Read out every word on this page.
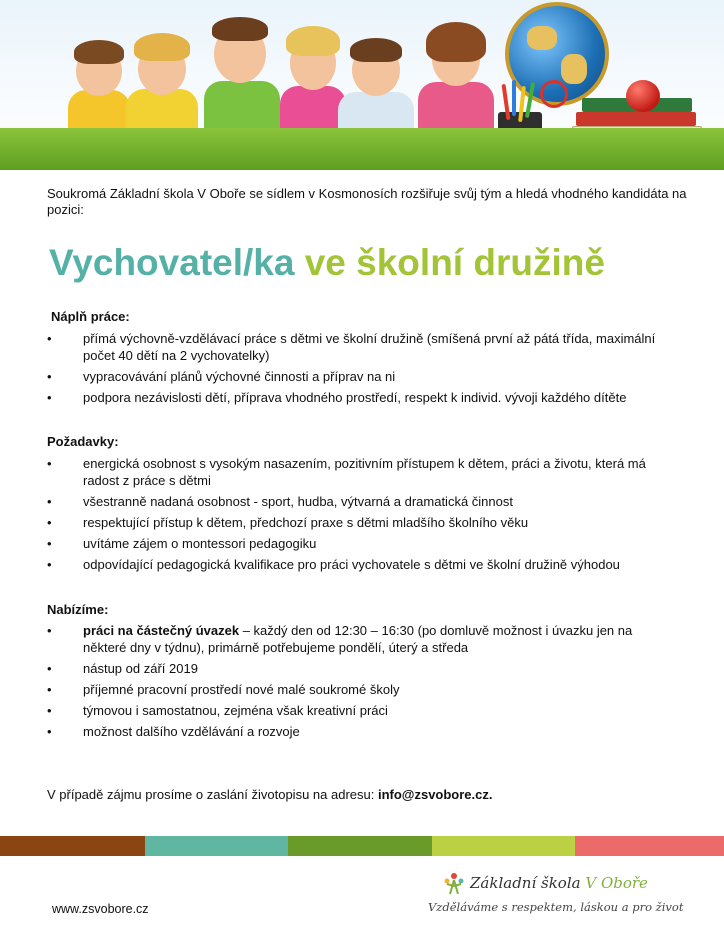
Soukromá Základní škola V Oboře se sídlem v Kosmonosích rozšiřuje svůj tým a hledá vhodného kandidáta na pozici:
Vychovatel/ka ve školní družině
Náplň práce:
• přímá výchovně-vzdělávací práce s dětmi ve školní družině (smíšená první až pátá třída, maximální počet 40 dětí na 2 vychovatelky)
• vypracovávání plánů výchovné činnosti a příprav na ni
• podpora nezávislosti dětí, příprava vhodného prostředí, respekt k individ. vývoji každého dítěte
Požadavky:
• energická osobnost s vysokým nasazením, pozitivním přístupem k dětem, práci a životu, která má radost z práce s dětmi
• všestranně nadaná osobnost - sport, hudba, výtvarná a dramatická činnost
• respektující přístup k dětem, předchozí praxe s dětmi mladšího školního věku
• uvítáme zájem o montessori pedagogiku
• odpovídající pedagogická kvalifikace pro práci vychovatele s dětmi ve školní družině výhodou
Nabízíme:
• práci na částečný úvazek – každý den od 12:30 – 16:30 (po domluvě možnost i úvazku jen na některé dny v týdnu), primárně potřebujeme pondělí, úterý a středa
• nástup od září 2019
• příjemné pracovní prostředí nové malé soukromé školy
• týmovou i samostatnou, zejména však kreativní práci
• možnost dalšího vzdělávání a rozvoje
V případě zájmu prosíme o zaslání životopisu na adresu: info@zsvobore.cz.
www.zsvobore.cz
Základní škola V Oboře
Vzděláváme s respektem, láskou a pro život
